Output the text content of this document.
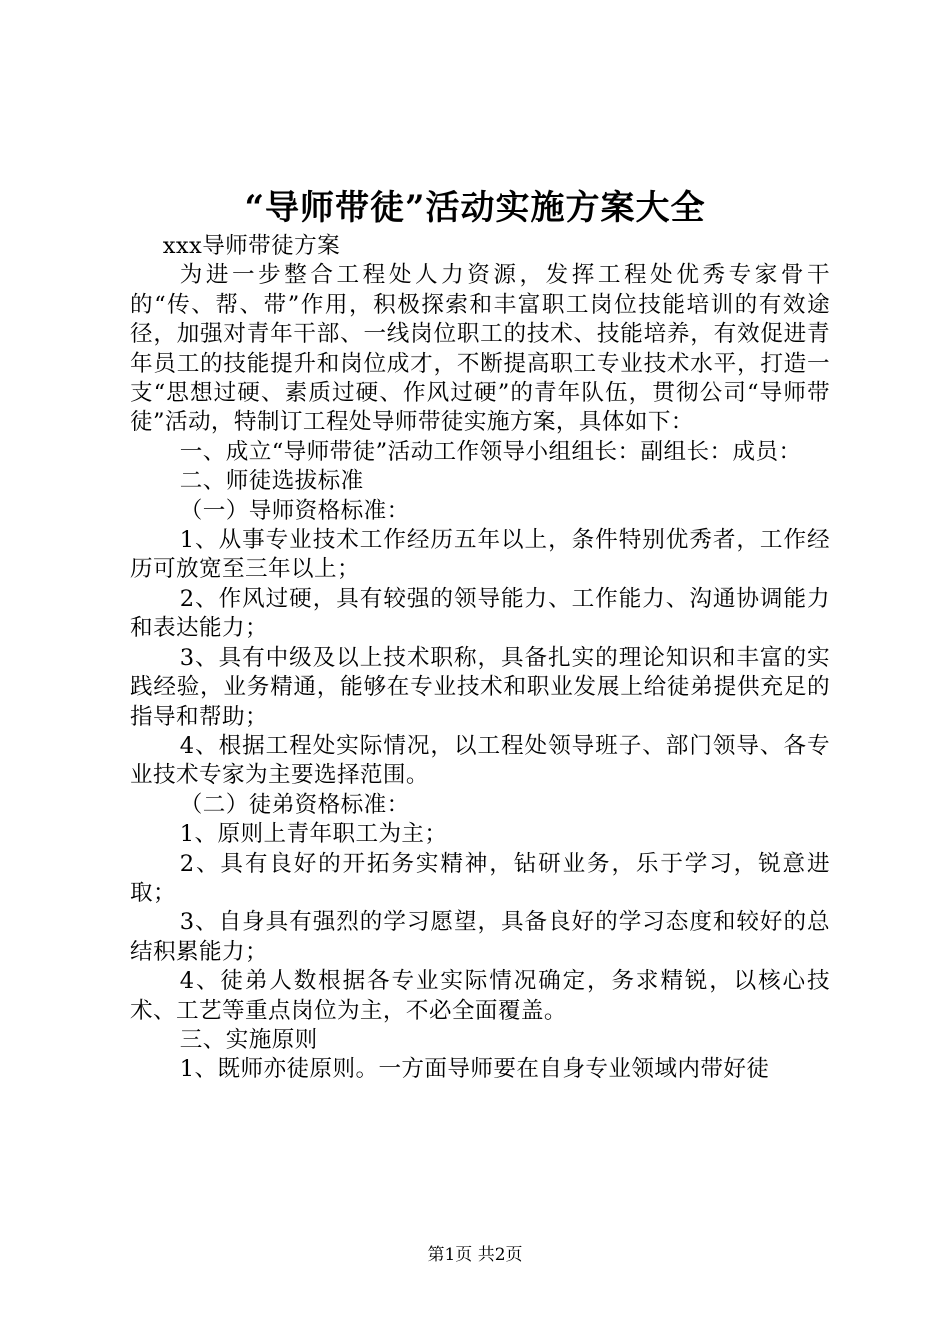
“导师带徒”活动实施方案大全

xxx导师带徒方案

为进一步整合工程处人力资源，发挥工程处优秀专家骨干的“传、帮、带”作用，积极探索和丰富职工岗位技能培训的有效途径，加强对青年干部、一线岗位职工的技术、技能培养，有效促进青年员工的技能提升和岗位成才，不断提高职工专业技术水平，打造一支“思想过硬、素质过硬、作风过硬”的青年队伍，贯彻公司“导师带徒”活动，特制订工程处导师带徒实施方案，具体如下：

一、成立“导师带徒”活动工作领导小组组长：副组长：成员：

二、师徒选拔标准

（一）导师资格标准：

1、从事专业技术工作经历五年以上，条件特别优秀者，工作经历可放宽至三年以上；

2、作风过硬，具有较强的领导能力、工作能力、沟通协调能力和表达能力；

3、具有中级及以上技术职称，具备扎实的理论知识和丰富的实践经验，业务精通，能够在专业技术和职业发展上给徒弟提供充足的指导和帮助；

4、根据工程处实际情况，以工程处领导班子、部门领导、各专业技术专家为主要选择范围。

（二）徒弟资格标准：

1、原则上青年职工为主；

2、具有良好的开拓务实精神，钻研业务，乐于学习，锐意进取；

3、自身具有强烈的学习愿望，具备良好的学习态度和较好的总结积累能力；

4、徒弟人数根据各专业实际情况确定，务求精锐，以核心技术、工艺等重点岗位为主，不必全面覆盖。

三、实施原则

1、既师亦徒原则。一方面导师要在自身专业领域内带好徒

第1页 共2页
